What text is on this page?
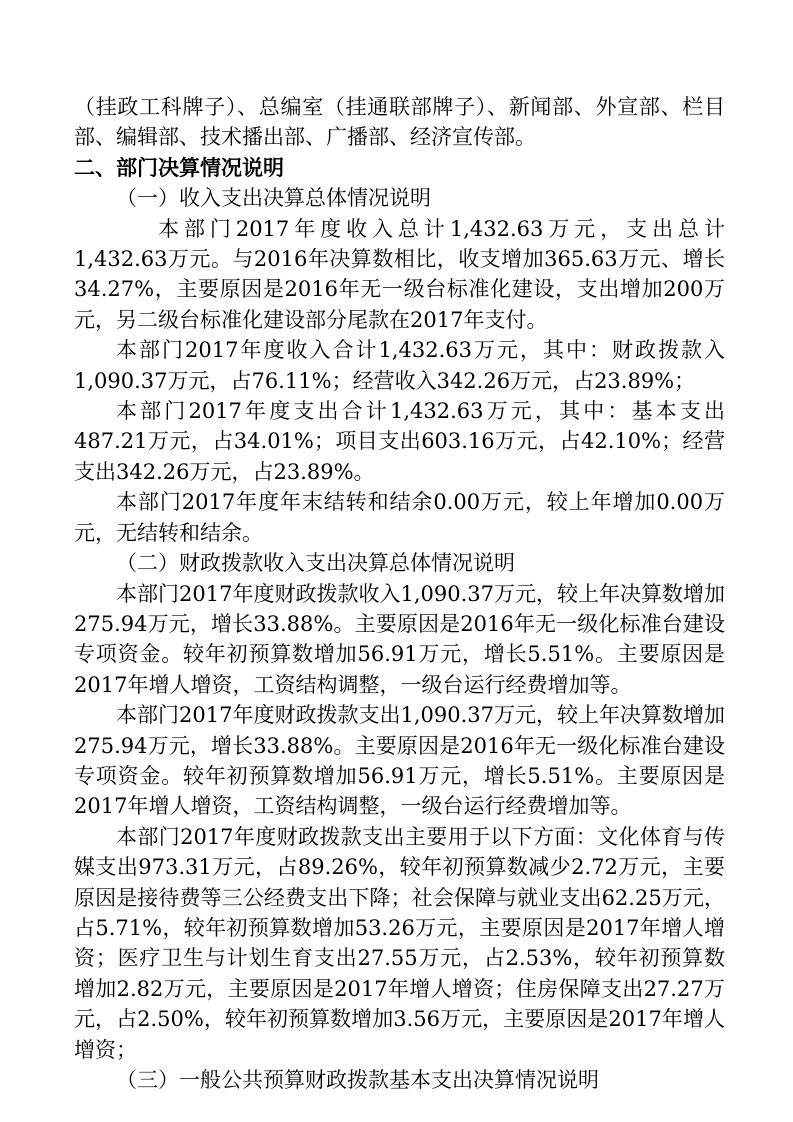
（挂政工科牌子）、总编室（挂通联部牌子）、新闻部、外宣部、栏目部、编辑部、技术播出部、广播部、经济宣传部。

二、部门决算情况说明

（一）收入支出决算总体情况说明

本部门2017年度收入总计1,432.63万元，支出总计1,432.63万元。与2016年决算数相比，收支增加365.63万元、增长34.27%，主要原因是2016年无一级台标准化建设，支出增加200万元，另二级台标准化建设部分尾款在2017年支付。

本部门2017年度收入合计1,432.63万元，其中：财政拨款入1,090.37万元，占76.11%；经营收入342.26万元，占23.89%；

本部门2017年度支出合计1,432.63万元，其中：基本支出487.21万元，占34.01%；项目支出603.16万元，占42.10%；经营支出342.26万元，占23.89%。

本部门2017年度年末结转和结余0.00万元，较上年增加0.00万元，无结转和结余。

（二）财政拨款收入支出决算总体情况说明

本部门2017年度财政拨款收入1,090.37万元，较上年决算数增加275.94万元，增长33.88%。主要原因是2016年无一级化标准台建设专项资金。较年初预算数增加56.91万元，增长5.51%。主要原因是2017年增人增资，工资结构调整，一级台运行经费增加等。

本部门2017年度财政拨款支出1,090.37万元，较上年决算数增加275.94万元，增长33.88%。主要原因是2016年无一级化标准台建设专项资金。较年初预算数增加56.91万元，增长5.51%。主要原因是2017年增人增资，工资结构调整，一级台运行经费增加等。

本部门2017年度财政拨款支出主要用于以下方面：文化体育与传媒支出973.31万元，占89.26%，较年初预算数减少2.72万元，主要原因是接待费等三公经费支出下降；社会保障与就业支出62.25万元，占5.71%，较年初预算数增加53.26万元，主要原因是2017年增人增资；医疗卫生与计划生育支出27.55万元，占2.53%，较年初预算数增加2.82万元，主要原因是2017年增人增资；住房保障支出27.27万元，占2.50%，较年初预算数增加3.56万元，主要原因是2017年增人增资；

（三）一般公共预算财政拨款基本支出决算情况说明
